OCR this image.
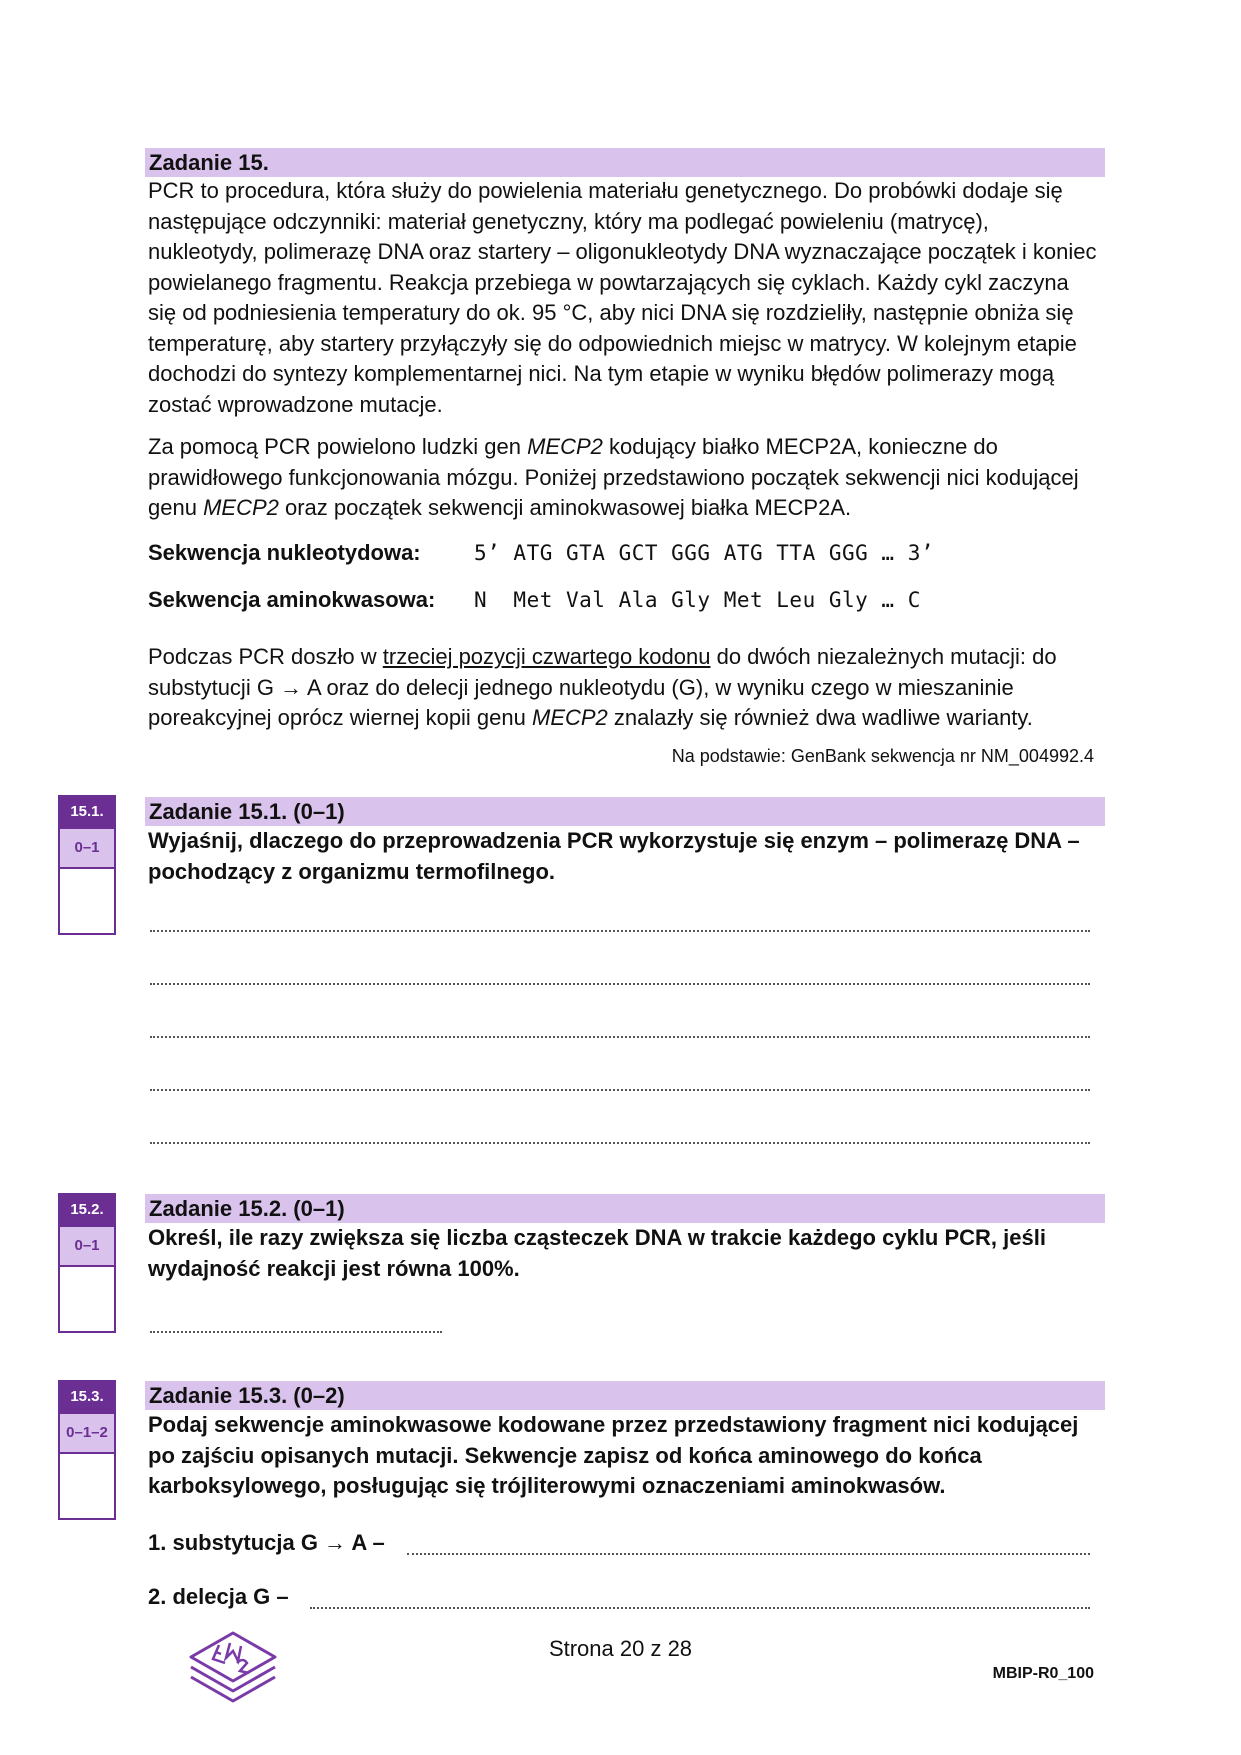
Zadanie 15.

PCR to procedura, która służy do powielenia materiału genetycznego. Do probówki dodaje się następujące odczynniki: materiał genetyczny, który ma podlegać powieleniu (matrycę), nukleotydy, polimerazę DNA oraz startery – oligonukleotydy DNA wyznaczające początek i koniec powielanego fragmentu. Reakcja przebiega w powtarzających się cyklach. Każdy cykl zaczyna się od podniesienia temperatury do ok. 95 °C, aby nici DNA się rozdzieliły, następnie obniża się temperaturę, aby startery przyłączyły się do odpowiednich miejsc w matrycy. W kolejnym etapie dochodzi do syntezy komplementarnej nici. Na tym etapie w wyniku błędów polimerazy mogą zostać wprowadzone mutacje.

Za pomocą PCR powielono ludzki gen MECP2 kodujący białko MECP2A, konieczne do prawidłowego funkcjonowania mózgu. Poniżej przedstawiono początek sekwencji nici kodującej genu MECP2 oraz początek sekwencji aminokwasowej białka MECP2A.

Sekwencja nukleotydowa:	5’ ATG GTA GCT GGG ATG TTA GGG … 3’
Sekwencja aminokwasowa: N  Met Val Ala Gly Met Leu Gly … C

Podczas PCR doszło w trzeciej pozycji czwartego kodonu do dwóch niezależnych mutacji: do substytucji G → A oraz do delecji jednego nukleotydu (G), w wyniku czego w mieszaninie poreakcyjnej oprócz wiernej kopii genu MECP2 znalazły się również dwa wadliwe warianty.

Na podstawie: GenBank sekwencja nr NM_004992.4
15.1.
0–1
Zadanie 15.1. (0–1)

Wyjaśnij, dlaczego do przeprowadzenia PCR wykorzystuje się enzym – polimerazę DNA – pochodzący z organizmu termofilnego.

15.2.
0–1
Zadanie 15.2. (0–1)

Określ, ile razy zwiększa się liczba cząsteczek DNA w trakcie każdego cyklu PCR, jeśli wydajność reakcji jest równa 100%.

15.3.
0–1–2
Zadanie 15.3. (0–2)

Podaj sekwencje aminokwasowe kodowane przez przedstawiony fragment nici kodującej po zajściu opisanych mutacji. Sekwencje zapisz od końca aminowego do końca karboksylowego, posługując się trójliterowymi oznaczeniami aminokwasów.

1. substytucja G → A –
2. delecja G –
Strona 20 z 28
MBIP-R0_100
